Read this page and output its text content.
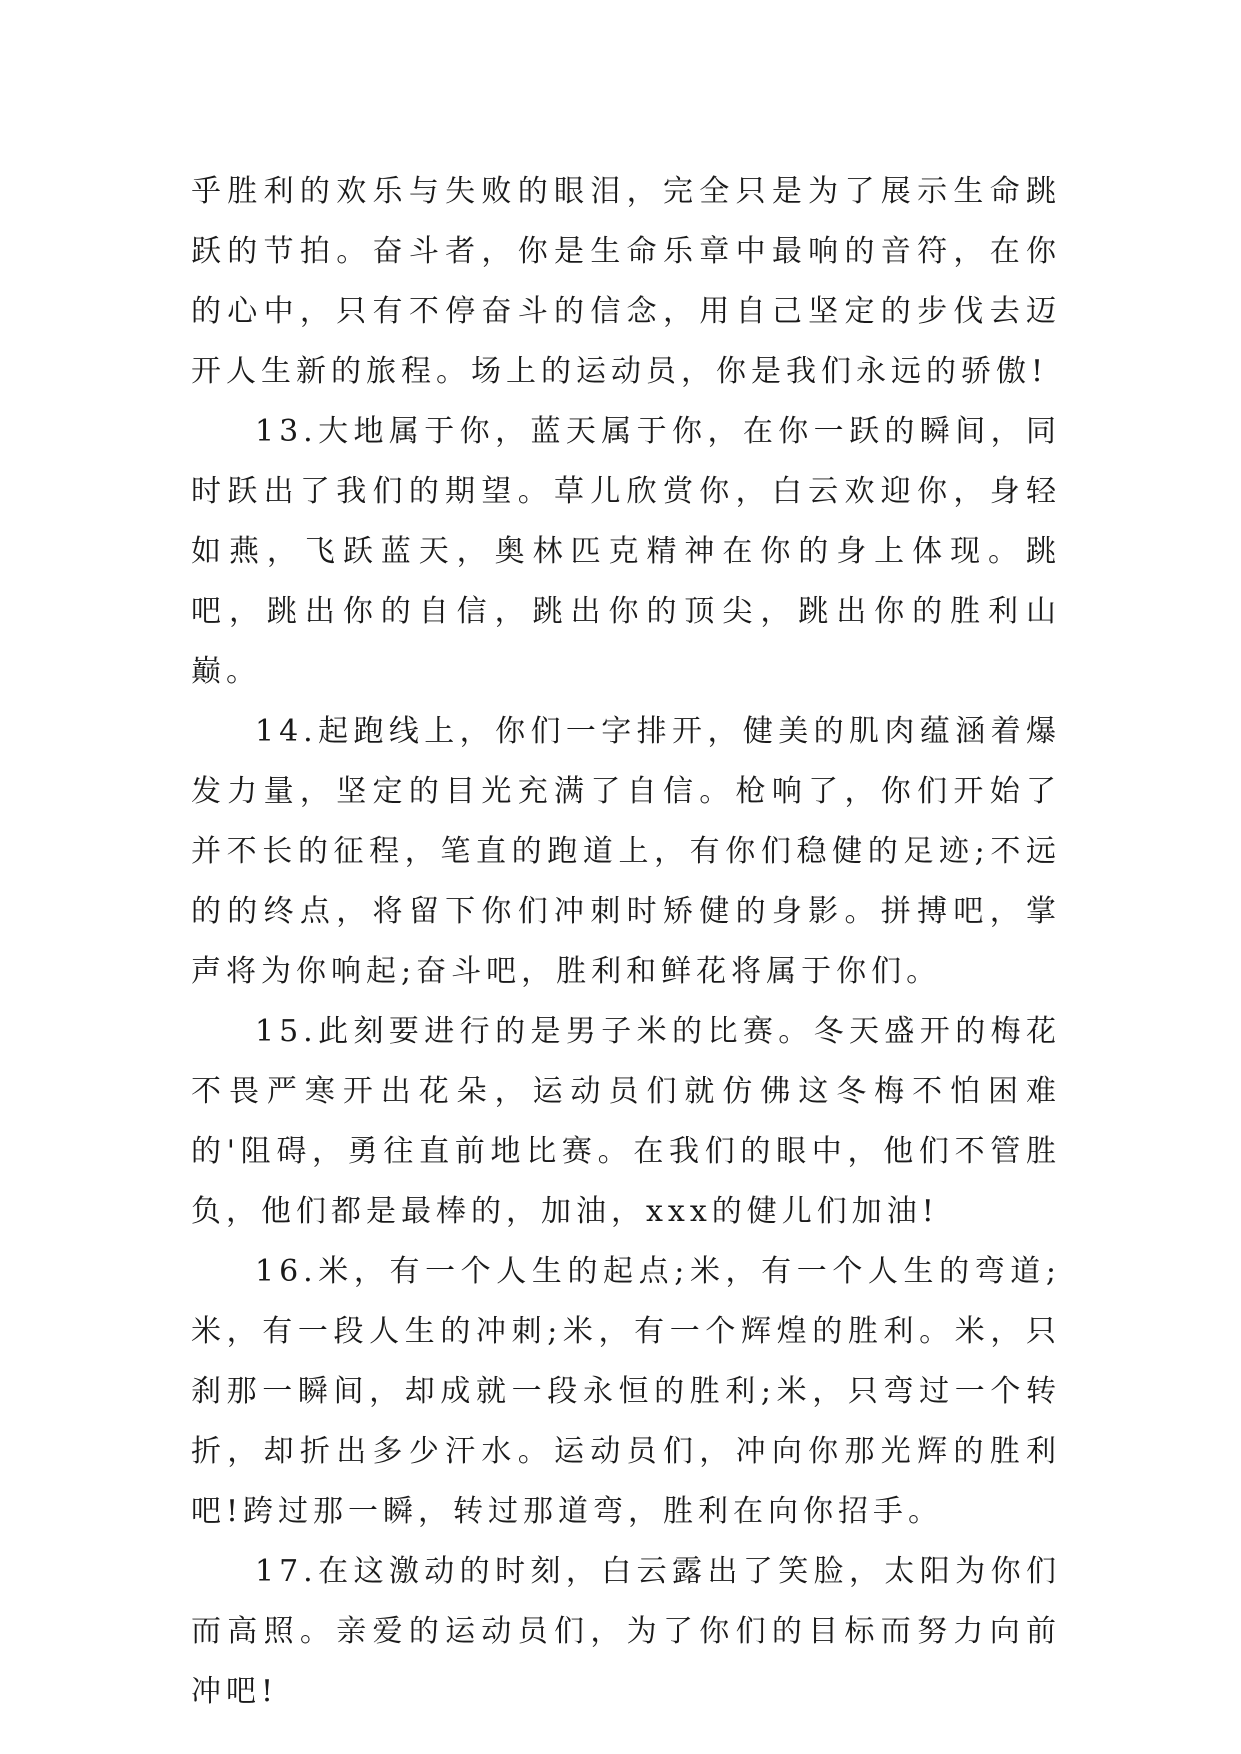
乎胜利的欢乐与失败的眼泪，完全只是为了展示生命跳跃的节拍。奋斗者，你是生命乐章中最响的音符，在你的心中，只有不停奋斗的信念，用自己坚定的步伐去迈开人生新的旅程。场上的运动员，你是我们永远的骄傲!

13.大地属于你，蓝天属于你，在你一跃的瞬间，同时跃出了我们的期望。草儿欣赏你，白云欢迎你，身轻如燕，飞跃蓝天，奥林匹克精神在你的身上体现。跳吧，跳出你的自信，跳出你的顶尖，跳出你的胜利山巅。

14.起跑线上，你们一字排开，健美的肌肉蕴涵着爆发力量，坚定的目光充满了自信。枪响了，你们开始了并不长的征程，笔直的跑道上，有你们稳健的足迹;不远的的终点，将留下你们冲刺时矫健的身影。拼搏吧，掌声将为你响起;奋斗吧，胜利和鲜花将属于你们。

15.此刻要进行的是男子米的比赛。冬天盛开的梅花不畏严寒开出花朵，运动员们就仿佛这冬梅不怕困难的'阻碍，勇往直前地比赛。在我们的眼中，他们不管胜负，他们都是最棒的，加油，xxx的健儿们加油!

16.米，有一个人生的起点;米，有一个人生的弯道;米，有一段人生的冲刺;米，有一个辉煌的胜利。米，只刹那一瞬间，却成就一段永恒的胜利;米，只弯过一个转折，却折出多少汗水。运动员们，冲向你那光辉的胜利吧!跨过那一瞬，转过那道弯，胜利在向你招手。

17.在这激动的时刻，白云露出了笑脸，太阳为你们而高照。亲爱的运动员们，为了你们的目标而努力向前冲吧!
